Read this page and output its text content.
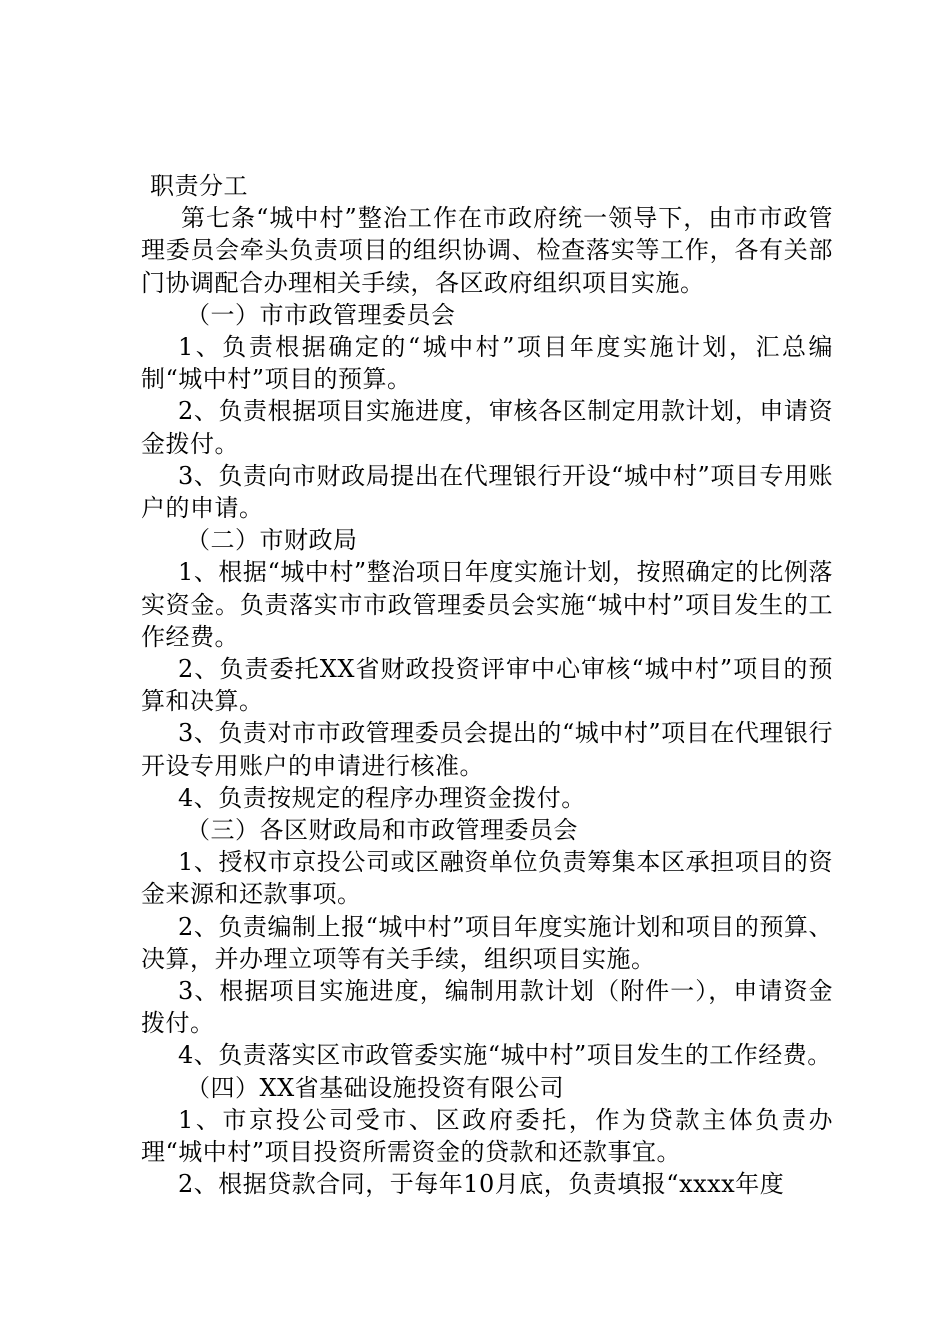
职责分工

第七条“城中村”整治工作在市政府统一领导下，由市市政管理委员会牵头负责项目的组织协调、检查落实等工作，各有关部门协调配合办理相关手续，各区政府组织项目实施。

（一）市市政管理委员会

1、负责根据确定的“城中村”项目年度实施计划，汇总编制“城中村”项目的预算。

2、负责根据项目实施进度，审核各区制定用款计划，申请资金拨付。

3、负责向市财政局提出在代理银行开设“城中村”项目专用账户的申请。

（二）市财政局

1、根据“城中村”整治项日年度实施计划，按照确定的比例落实资金。负责落实市市政管理委员会实施“城中村”项目发生的工作经费。

2、负责委托XX省财政投资评审中心审核“城中村”项目的预算和决算。

3、负责对市市政管理委员会提出的“城中村”项目在代理银行开设专用账户的申请进行核准。

4、负责按规定的程序办理资金拨付。

（三）各区财政局和市政管理委员会

1、授权市京投公司或区融资单位负责筹集本区承担项目的资金来源和还款事项。

2、负责编制上报“城中村”项目年度实施计划和项目的预算、决算，并办理立项等有关手续，组织项目实施。

3、根据项目实施进度，编制用款计划（附件一），申请资金拨付。

4、负责落实区市政管委实施“城中村”项目发生的工作经费。

（四）XX省基础设施投资有限公司

1、市京投公司受市、区政府委托，作为贷款主体负责办理“城中村”项目投资所需资金的贷款和还款事宜。

2、根据贷款合同，于每年10月底，负责填报“xxxx年度
